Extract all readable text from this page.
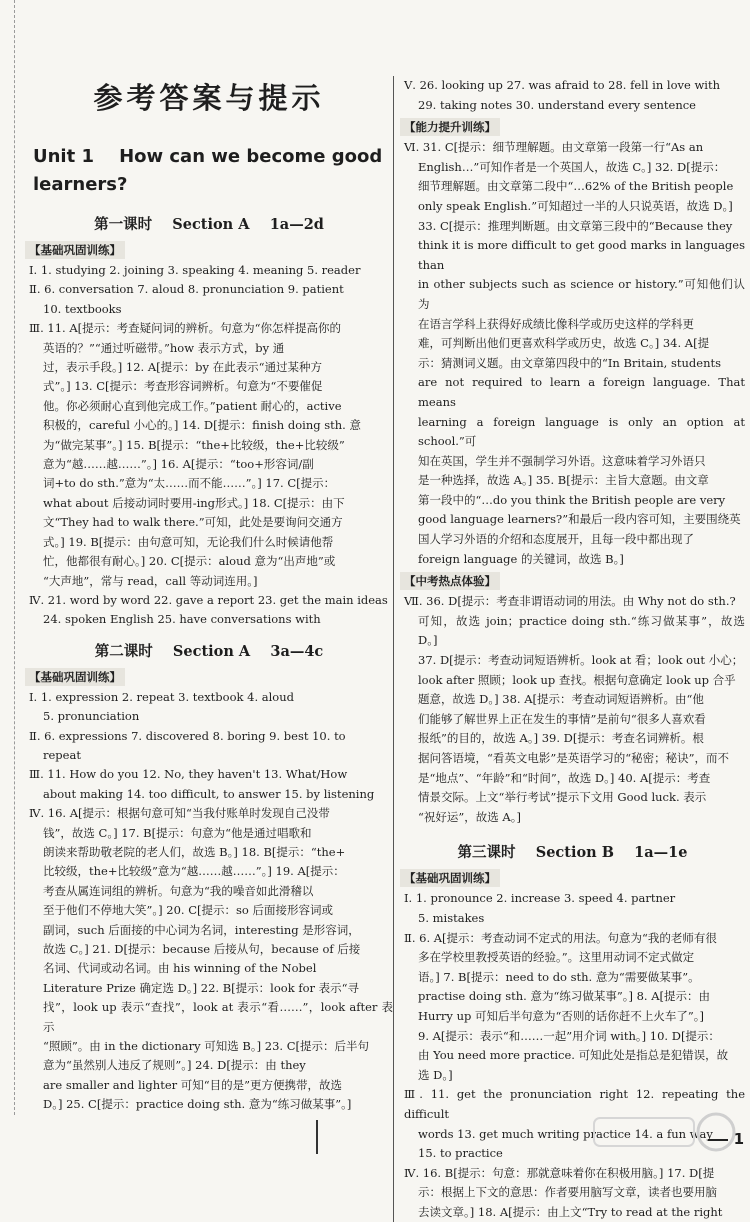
参考答案与提示
Unit 1    How can we become good
learners?
第一课时    Section A    1a—2d
【基础巩固训练】

Ⅰ. 1. studying 2. joining 3. speaking 4. meaning 5. reader

Ⅱ. 6. conversation 7. aloud 8. pronunciation 9. patient

10. textbooks

Ⅲ. 11. A[提示：考查疑问词的辨析。句意为“你怎样提高你的

英语的？”“通过听磁带。”how 表示方式，by 通

过，表示手段。] 12. A[提示：by 在此表示“通过某种方

式”。] 13. C[提示：考查形容词辨析。句意为“不要催促

他。你必须耐心直到他完成工作。”patient 耐心的，active

积极的，careful 小心的。] 14. D[提示：finish doing sth. 意

为“做完某事”。] 15. B[提示：“the+比较级，the+比较级”

意为“越……越……”。] 16. A[提示：“too+形容词/副

词+to do sth.”意为“太……而不能……”。] 17. C[提示：

what about 后接动词时要用-ing形式。] 18. C[提示：由下

文“They had to walk there.”可知，此处是要询问交通方

式。] 19. B[提示：由句意可知，无论我们什么时候请他帮

忙，他都很有耐心。] 20. C[提示：aloud 意为“出声地”或

“大声地”，常与 read，call 等动词连用。]

Ⅳ. 21. word by word 22. gave a report 23. get the main ideas

24. spoken English 25. have conversations with

第二课时    Section A    3a—4c
【基础巩固训练】

Ⅰ. 1. expression 2. repeat 3. textbook 4. aloud

5. pronunciation

Ⅱ. 6. expressions 7. discovered 8. boring 9. best 10. to

repeat

Ⅲ. 11. How do you 12. No, they haven't 13. What/How

about making 14. too difficult, to answer 15. by listening

Ⅳ. 16. A[提示：根据句意可知“当我付账单时发现自己没带

钱”，故选 C。] 17. B[提示：句意为“他是通过唱歌和

朗读来帮助敬老院的老人们，故选 B。] 18. B[提示：“the+

比较级，the+比较级”意为“越……越……”。] 19. A[提示：

考查从属连词组的辨析。句意为“我的噪音如此滑稽以

至于他们不停地大笑”。] 20. C[提示：so 后面接形容词或

副词，such 后面接的中心词为名词，interesting 是形容词，

故选 C。] 21. D[提示：because 后接从句，because of 后接

名词、代词或动名词。由 his winning of the Nobel

Literature Prize 确定选 D。] 22. B[提示：look for 表示“寻

找”，look up 表示“查找”，look at 表示“看……”，look after 表示

“照顾”。由 in the dictionary 可知选 B。] 23. C[提示：后半句

意为“虽然别人违反了规则”。] 24. D[提示：由 they

are smaller and lighter 可知“目的是”更方便携带，故选

D。] 25. C[提示：practice doing sth. 意为“练习做某事”。]

Ⅴ. 26. looking up 27. was afraid to 28. fell in love with

29. taking notes 30. understand every sentence

【能力提升训练】

Ⅵ. 31. C[提示：细节理解题。由文章第一段第一行“As an

English…”可知作者是一个英国人，故选 C。] 32. D[提示：

细节理解题。由文章第二段中“…62% of the British people

only speak English.”可知超过一半的人只说英语，故选 D。]

33. C[提示：推理判断题。由文章第三段中的“Because they

think it is more difficult to get good marks in languages than

in other subjects such as science or history.”可知他们认为

在语言学科上获得好成绩比像科学或历史这样的学科更

难，可判断出他们更喜欢科学或历史，故选 C。] 34. A[提

示：猜测词义题。由文章第四段中的“In Britain, students

are not required to learn a foreign language. That means

learning a foreign language is only an option at school.”可

知在英国，学生并不强制学习外语。这意味着学习外语只

是一种选择，故选 A。] 35. B[提示：主旨大意题。由文章

第一段中的“…do you think the British people are very

good language learners?”和最后一段内容可知，主要围绕英

国人学习外语的介绍和态度展开，且每一段中都出现了

foreign language 的关键词，故选 B。]

【中考热点体验】

Ⅶ. 36. D[提示：考查非谓语动词的用法。由 Why not do sth.?

可知，故选 join；practice doing sth.“练习做某事”，故选 D。]

37. D[提示：考查动词短语辨析。look at 看；look out 小心；

look after 照顾；look up 查找。根据句意确定 look up 合乎

题意，故选 D。] 38. A[提示：考查动词短语辨析。由“他

们能够了解世界上正在发生的事情”是前句“很多人喜欢看

报纸”的目的，故选 A。] 39. D[提示：考查名词辨析。根

据问答语境，“看英文电影”是英语学习的“秘密；秘诀”，而不

是“地点”、“年龄”和“时间”，故选 D。] 40. A[提示：考查

情景交际。上文“举行考试”提示下文用 Good luck. 表示

“祝好运”，故选 A。]

第三课时    Section B    1a—1e
【基础巩固训练】

Ⅰ. 1. pronounce 2. increase 3. speed 4. partner

5. mistakes

Ⅱ. 6. A[提示：考查动词不定式的用法。句意为“我的老师有很

多在学校里教授英语的经验。”。这里用动词不定式做定

语。] 7. B[提示：need to do sth. 意为“需要做某事”。

practise doing sth. 意为“练习做某事”。] 8. A[提示：由

Hurry up 可知后半句意为“否则的话你赶不上火车了”。]

9. A[提示：表示“和……一起”用介词 with。] 10. D[提示：

由 You need more practice. 可知此处是指总是犯错误，故

选 D。]

Ⅲ. 11. get the pronunciation right 12. repeating the difficult

words 13. get much writing practice 14. a fun way

15. to practice

Ⅳ. 16. B[提示：句意：那就意味着你在积极用脑。] 17. D[提

示：根据上下文的意思：作者要用脑写文章，读者也要用脑

去读文章。] 18. A[提示：由上文“Try to read at the right

1
